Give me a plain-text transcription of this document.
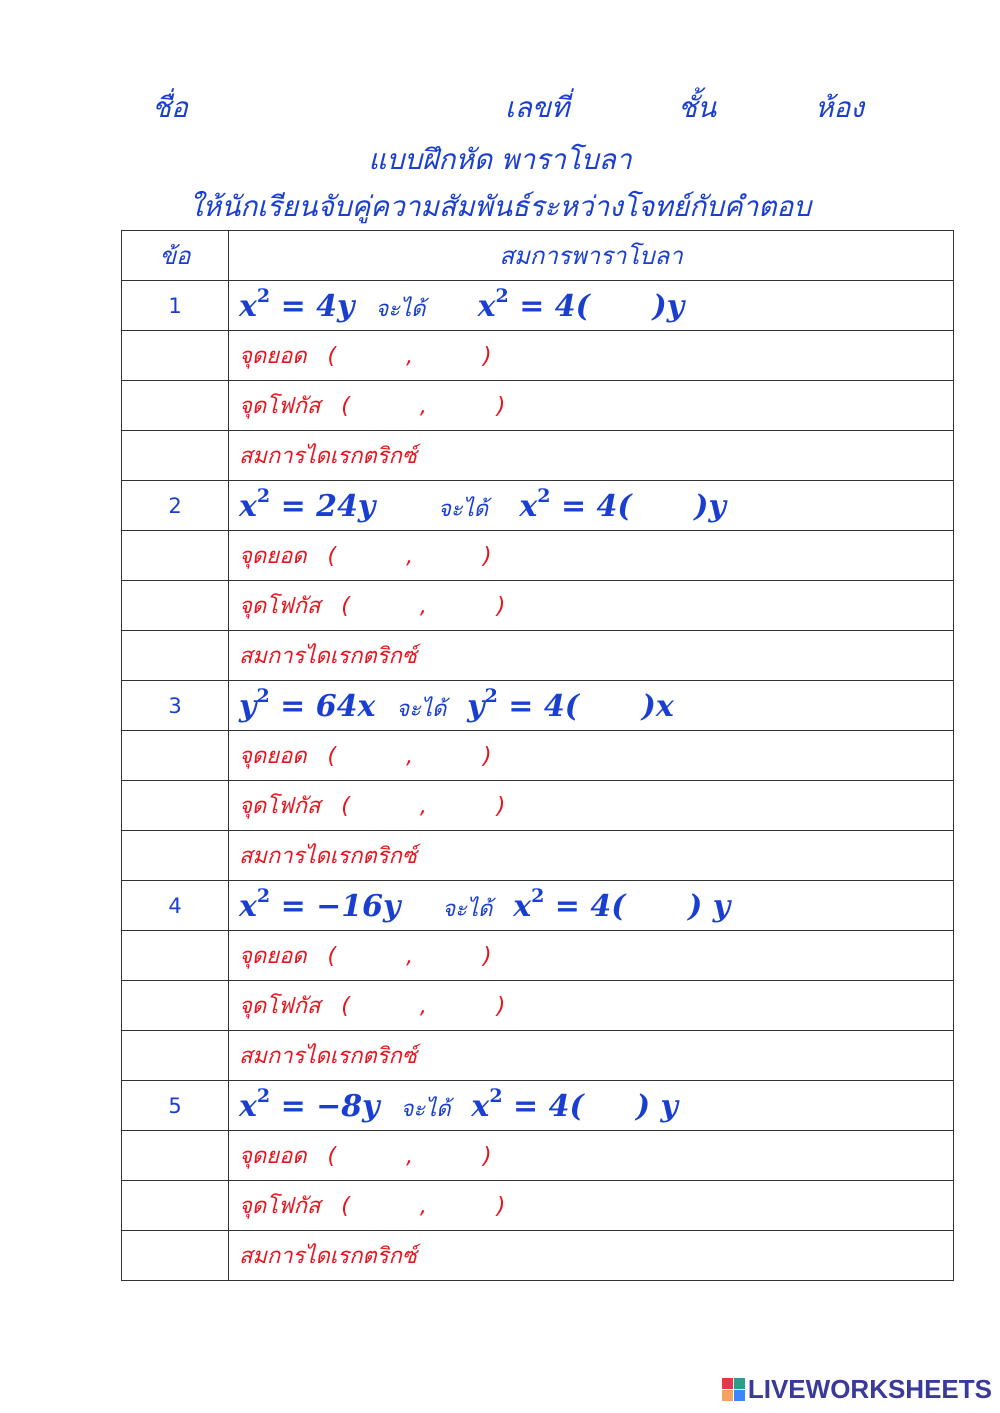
ชื่อ	เลขที่	ชั้น	ห้อง
แบบฝึกหัด พาราโบลา
ให้นักเรียนจับคู่ความสัมพันธ์ระหว่างโจทย์กับคำตอบ
ข้อ	สมการพาราโบลา
1	$x^2 = 4y$  จะได้     $x^2 = 4$(      )y
	จุดยอด   (          ,          )
	จุดโฟกัส   (          ,          )
	สมการไดเรกตริกซ์
2	$x^2 = 24y$      จะได้   $x^2 = 4$(      )y
	จุดยอด   (          ,          )
	จุดโฟกัส   (          ,          )
	สมการไดเรกตริกซ์
3	$y^2 = 64x$  จะได้  $y^2 = 4$(      )x
	จุดยอด   (          ,          )
	จุดโฟกัส   (          ,          )
	สมการไดเรกตริกซ์
4	$x^2 = -16y$    จะได้  $x^2 = 4$(      ) y
	จุดยอด   (          ,          )
	จุดโฟกัส   (          ,          )
	สมการไดเรกตริกซ์
5	$x^2 = -8y$  จะได้  $x^2 = 4$(     ) y
	จุดยอด   (          ,          )
	จุดโฟกัส   (          ,          )
	สมการไดเรกตริกซ์
LIVEWORKSHEETS
